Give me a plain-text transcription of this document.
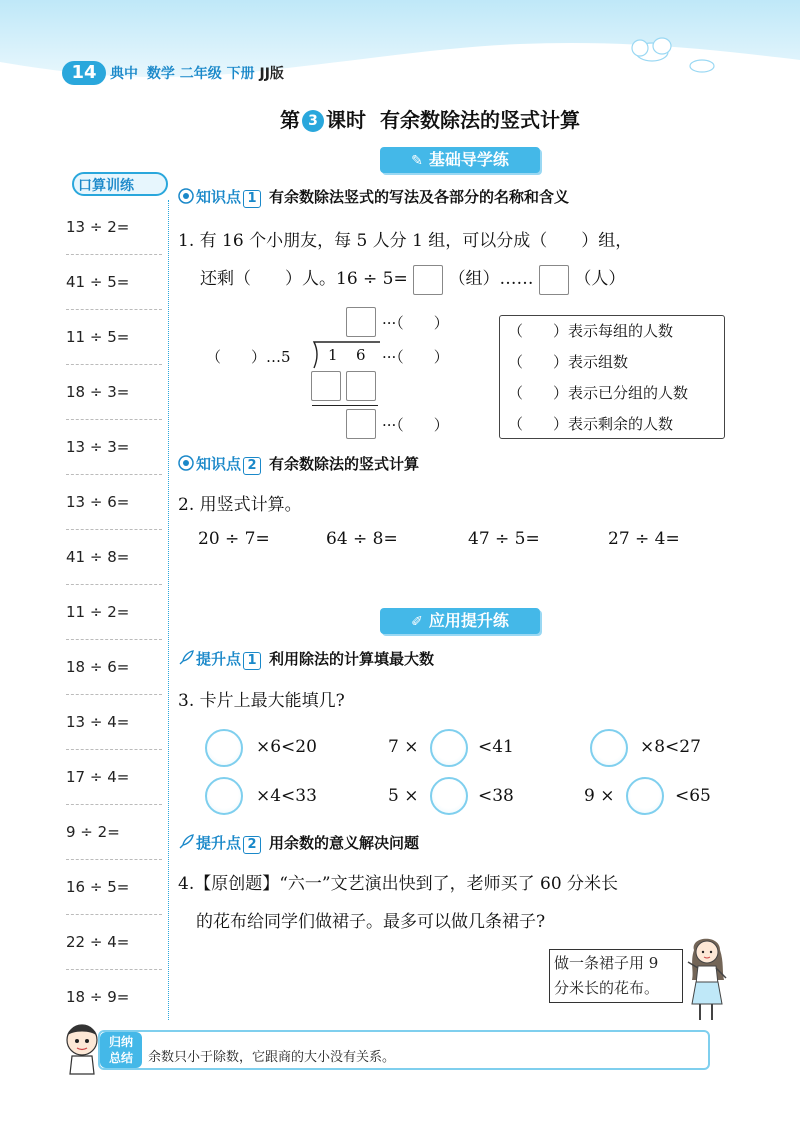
14 典中 数学 二年级 下册 JJ版
第 3 课时 有余数除法的竖式计算
✎ 基础导学练
口算训练
13 ÷ 2=
41 ÷ 5=
11 ÷ 5=
18 ÷ 3=
13 ÷ 3=
13 ÷ 6=
41 ÷ 8=
11 ÷ 2=
18 ÷ 6=
13 ÷ 4=
17 ÷ 4=
9 ÷ 2=
16 ÷ 5=
22 ÷ 4=
18 ÷ 9=
知识点 1 有余数除法竖式的写法及各部分的名称和含义
1. 有 16 个小朋友，每 5 人分 1 组，可以分成（　　）组，
还剩（　　）人。16 ÷ 5= （组）…… （人）
···（　　）
（　　）…5 1 6 ···（　　）
···（　　）
（　　）表示每组的人数
（　　）表示组数
（　　）表示已分组的人数
（　　）表示剩余的人数
知识点 2 有余数除法的竖式计算
2. 用竖式计算。
20 ÷ 7=	64 ÷ 8=	47 ÷ 5=	27 ÷ 4=
✐ 应用提升练
提升点 1 利用除法的计算填最大数
3. 卡片上最大能填几?
×6<20	7 ×	<41	×8<27
×4<33	5 ×	<38	9 ×	<65
提升点 2 用余数的意义解决问题
4.【原创题】“六一”文艺演出快到了，老师买了 60 分米长
的花布给同学们做裙子。最多可以做几条裙子?
做一条裙子用 9
分米长的花布。
归纳
总结	余数只小于除数，它跟商的大小没有关系。
